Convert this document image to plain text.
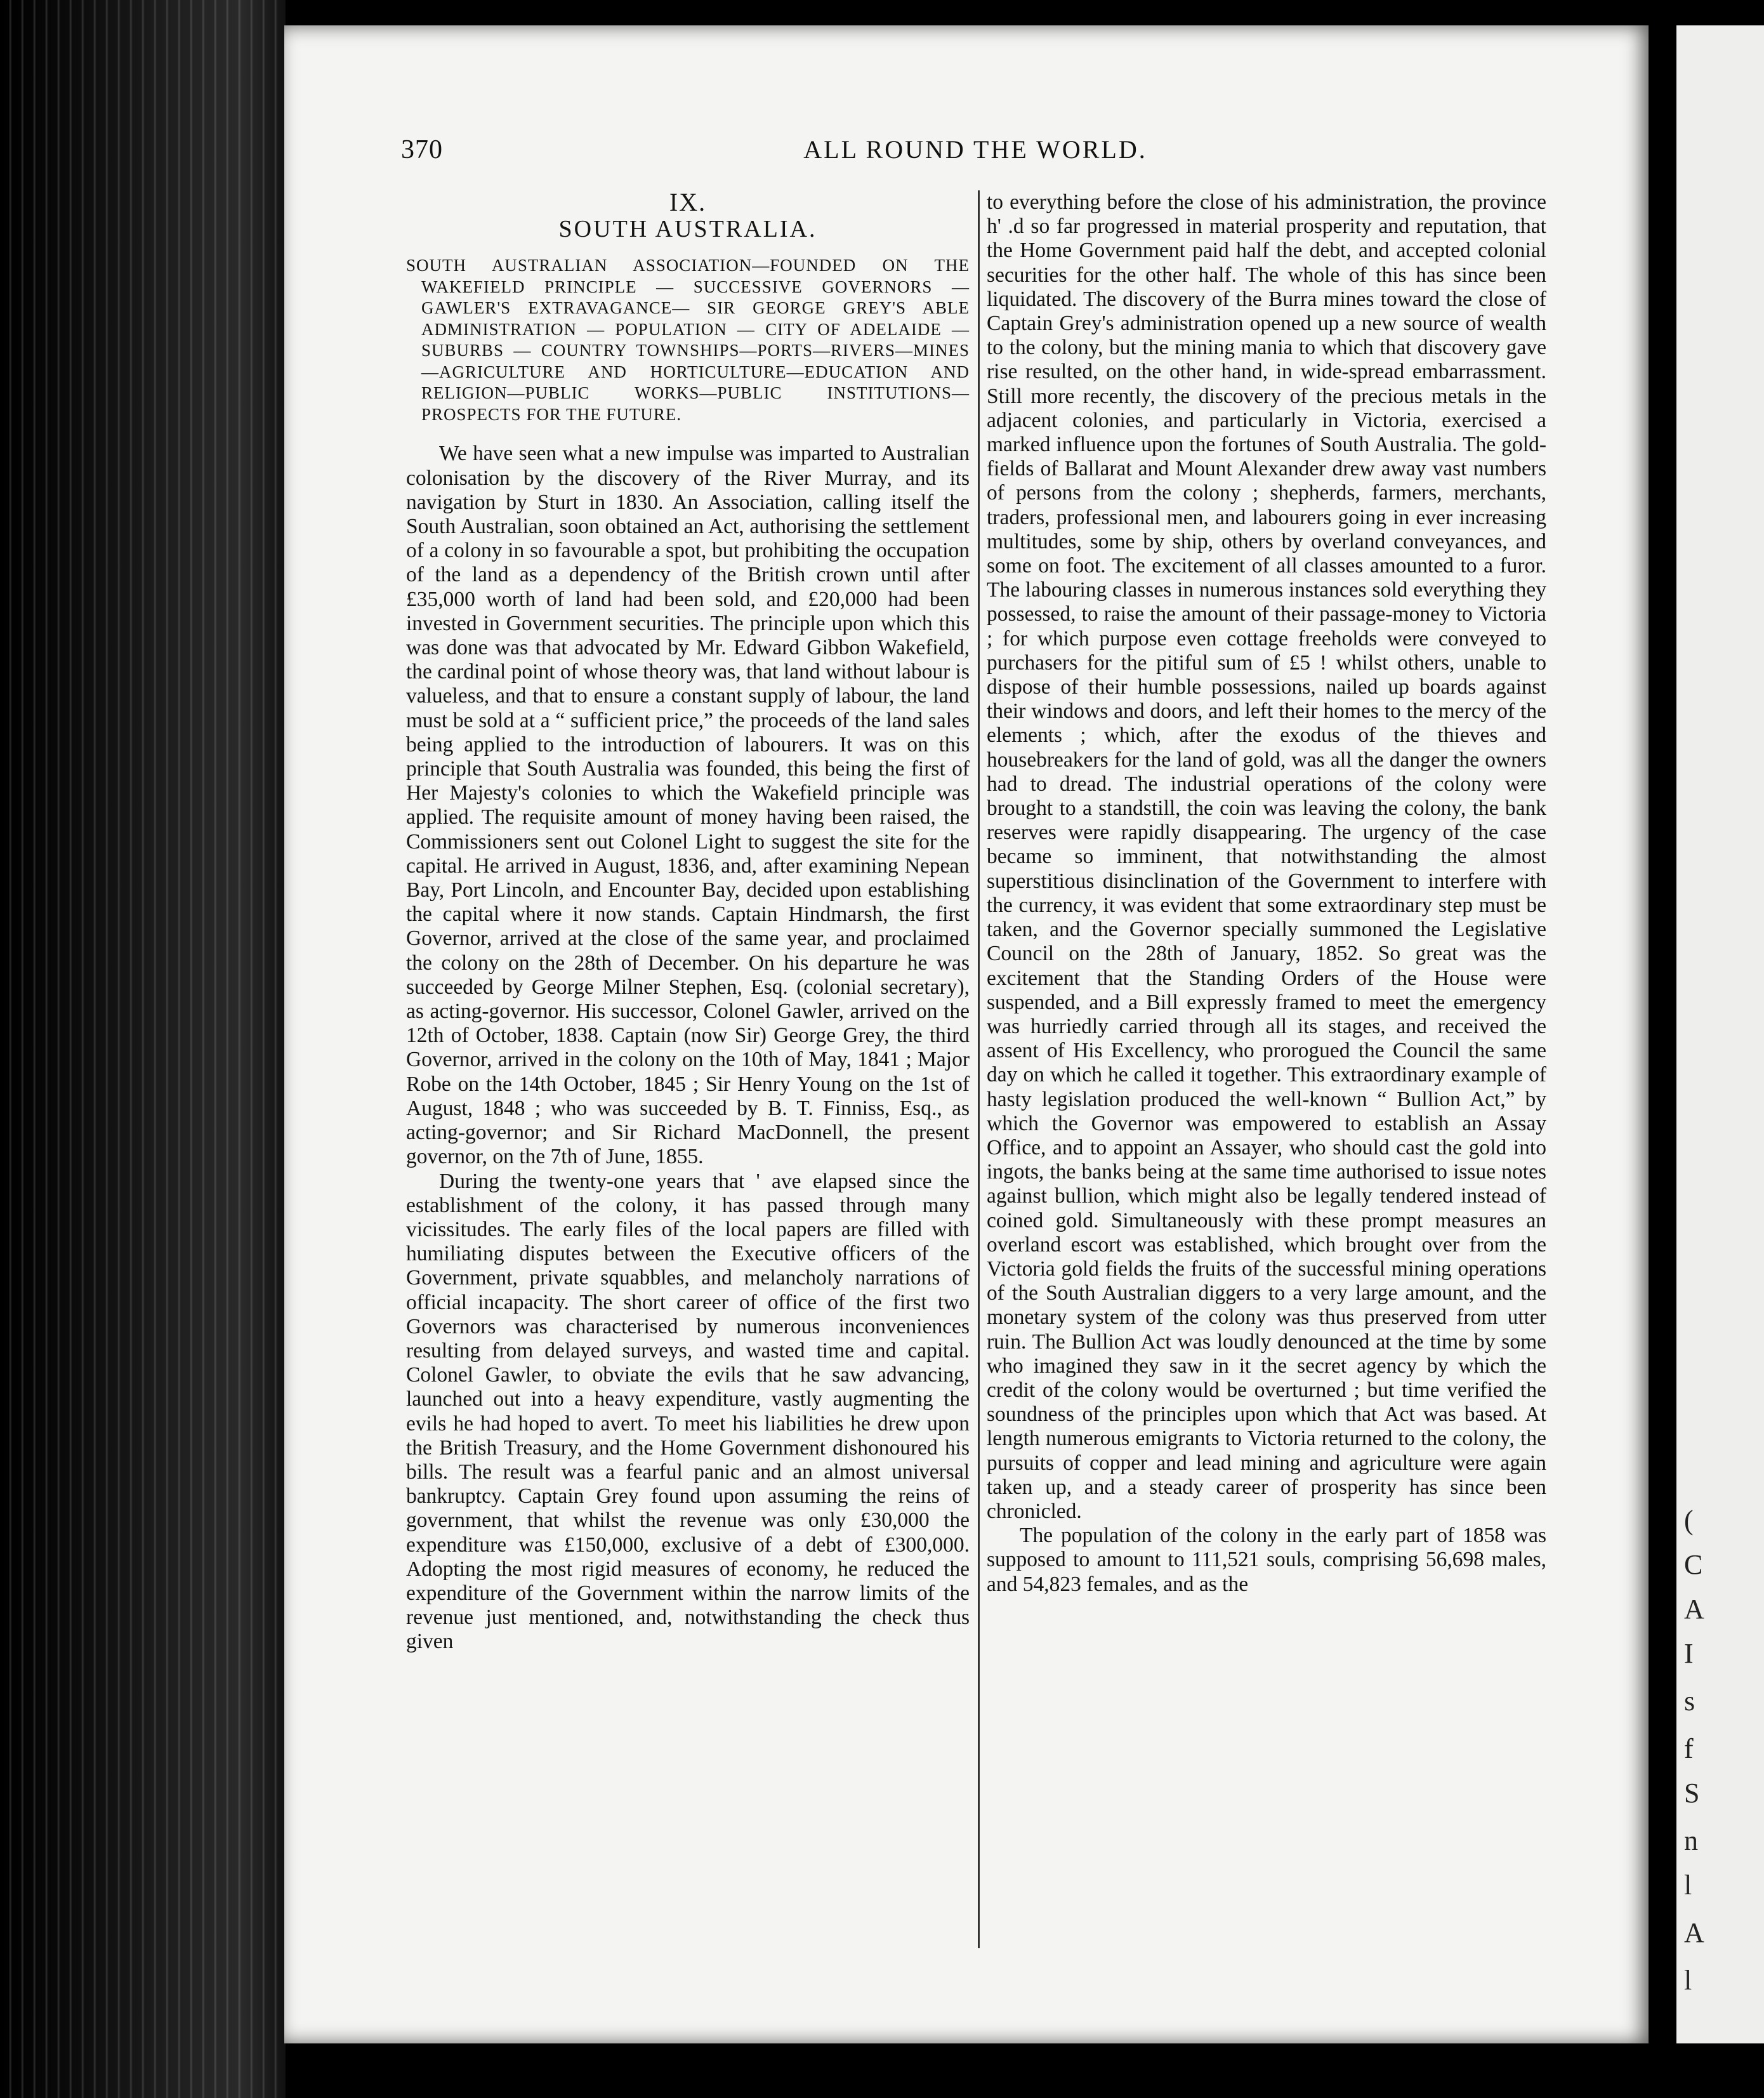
(
C
A
I
s
f
S
n
l
A
l
370	ALL ROUND THE WORLD.
IX.
SOUTH AUSTRALIA.
SOUTH AUSTRALIAN ASSOCIATION—FOUNDED ON THE WAKEFIELD PRINCIPLE — SUCCESSIVE GOVERNORS — GAWLER'S EXTRAVAGANCE— SIR GEORGE GREY'S ABLE ADMINISTRATION — POPULATION — CITY OF ADELAIDE — SUBURBS — COUNTRY TOWNSHIPS—PORTS—RIVERS—MINES—AGRICULTURE AND HORTICULTURE—EDUCATION AND RELIGION—PUBLIC WORKS—PUBLIC INSTITUTIONS—PROSPECTS FOR THE FUTURE.

We have seen what a new impulse was imparted to Australian colonisation by the discovery of the River Murray, and its navigation by Sturt in 1830. An Association, calling itself the South Australian, soon obtained an Act, authorising the settlement of a colony in so favourable a spot, but prohibiting the occupation of the land as a dependency of the British crown until after £35,000 worth of land had been sold, and £20,000 had been invested in Government securities. The principle upon which this was done was that advocated by Mr. Edward Gibbon Wakefield, the cardinal point of whose theory was, that land without labour is valueless, and that to ensure a constant supply of labour, the land must be sold at a “ sufficient price,” the proceeds of the land sales being applied to the introduction of labourers. It was on this principle that South Australia was founded, this being the first of Her Majesty's colonies to which the Wakefield principle was applied. The requisite amount of money having been raised, the Commissioners sent out Colonel Light to suggest the site for the capital. He arrived in August, 1836, and, after examining Nepean Bay, Port Lincoln, and Encounter Bay, decided upon establishing the capital where it now stands. Captain Hindmarsh, the first Governor, arrived at the close of the same year, and proclaimed the colony on the 28th of December. On his departure he was succeeded by George Milner Stephen, Esq. (colonial secretary), as acting-governor. His successor, Colonel Gawler, arrived on the 12th of October, 1838. Captain (now Sir) George Grey, the third Governor, arrived in the colony on the 10th of May, 1841 ; Major Robe on the 14th October, 1845 ; Sir Henry Young on the 1st of August, 1848 ; who was succeeded by B. T. Finniss, Esq., as acting-governor; and Sir Richard MacDonnell, the present governor, on the 7th of June, 1855.

During the twenty-one years that ' ave elapsed since the establishment of the colony, it has passed through many vicissitudes. The early files of the local papers are filled with humiliating disputes between the Executive officers of the Government, private squabbles, and melancholy narrations of official incapacity. The short career of office of the first two Governors was characterised by numerous inconveniences resulting from delayed surveys, and wasted time and capital. Colonel Gawler, to obviate the evils that he saw advancing, launched out into a heavy expenditure, vastly augmenting the evils he had hoped to avert. To meet his liabilities he drew upon the British Treasury, and the Home Government dishonoured his bills. The result was a fearful panic and an almost universal bankruptcy. Captain Grey found upon assuming the reins of government, that whilst the revenue was only £30,000 the expenditure was £150,000, exclusive of a debt of £300,000. Adopting the most rigid measures of economy, he reduced the expenditure of the Government within the narrow limits of the revenue just mentioned, and, notwithstanding the check thus given

to everything before the close of his administration, the province h' .d so far progressed in material prosperity and reputation, that the Home Government paid half the debt, and accepted colonial securities for the other half. The whole of this has since been liquidated. The discovery of the Burra mines toward the close of Captain Grey's administration opened up a new source of wealth to the colony, but the mining mania to which that discovery gave rise resulted, on the other hand, in wide-spread embarrassment. Still more recently, the discovery of the precious metals in the adjacent colonies, and particularly in Victoria, exercised a marked influence upon the fortunes of South Australia. The gold-fields of Ballarat and Mount Alexander drew away vast numbers of persons from the colony ; shepherds, farmers, merchants, traders, professional men, and labourers going in ever increasing multitudes, some by ship, others by overland conveyances, and some on foot. The excitement of all classes amounted to a furor. The labouring classes in numerous instances sold everything they possessed, to raise the amount of their passage-money to Victoria ; for which purpose even cottage freeholds were conveyed to purchasers for the pitiful sum of £5 ! whilst others, unable to dispose of their humble possessions, nailed up boards against their windows and doors, and left their homes to the mercy of the elements ; which, after the exodus of the thieves and housebreakers for the land of gold, was all the danger the owners had to dread. The industrial operations of the colony were brought to a standstill, the coin was leaving the colony, the bank reserves were rapidly disappearing. The urgency of the case became so imminent, that notwithstanding the almost superstitious disinclination of the Government to interfere with the currency, it was evident that some extraordinary step must be taken, and the Governor specially summoned the Legislative Council on the 28th of January, 1852. So great was the excitement that the Standing Orders of the House were suspended, and a Bill expressly framed to meet the emergency was hurriedly carried through all its stages, and received the assent of His Excellency, who prorogued the Council the same day on which he called it together. This extraordinary example of hasty legislation produced the well-known “ Bullion Act,” by which the Governor was empowered to establish an Assay Office, and to appoint an Assayer, who should cast the gold into ingots, the banks being at the same time authorised to issue notes against bullion, which might also be legally tendered instead of coined gold. Simultaneously with these prompt measures an overland escort was established, which brought over from the Victoria gold fields the fruits of the successful mining operations of the South Australian diggers to a very large amount, and the monetary system of the colony was thus preserved from utter ruin. The Bullion Act was loudly denounced at the time by some who imagined they saw in it the secret agency by which the credit of the colony would be overturned ; but time verified the soundness of the principles upon which that Act was based. At length numerous emigrants to Victoria returned to the colony, the pursuits of copper and lead mining and agriculture were again taken up, and a steady career of prosperity has since been chronicled.

The population of the colony in the early part of 1858 was supposed to amount to 111,521 souls, comprising 56,698 males, and 54,823 females, and as the
